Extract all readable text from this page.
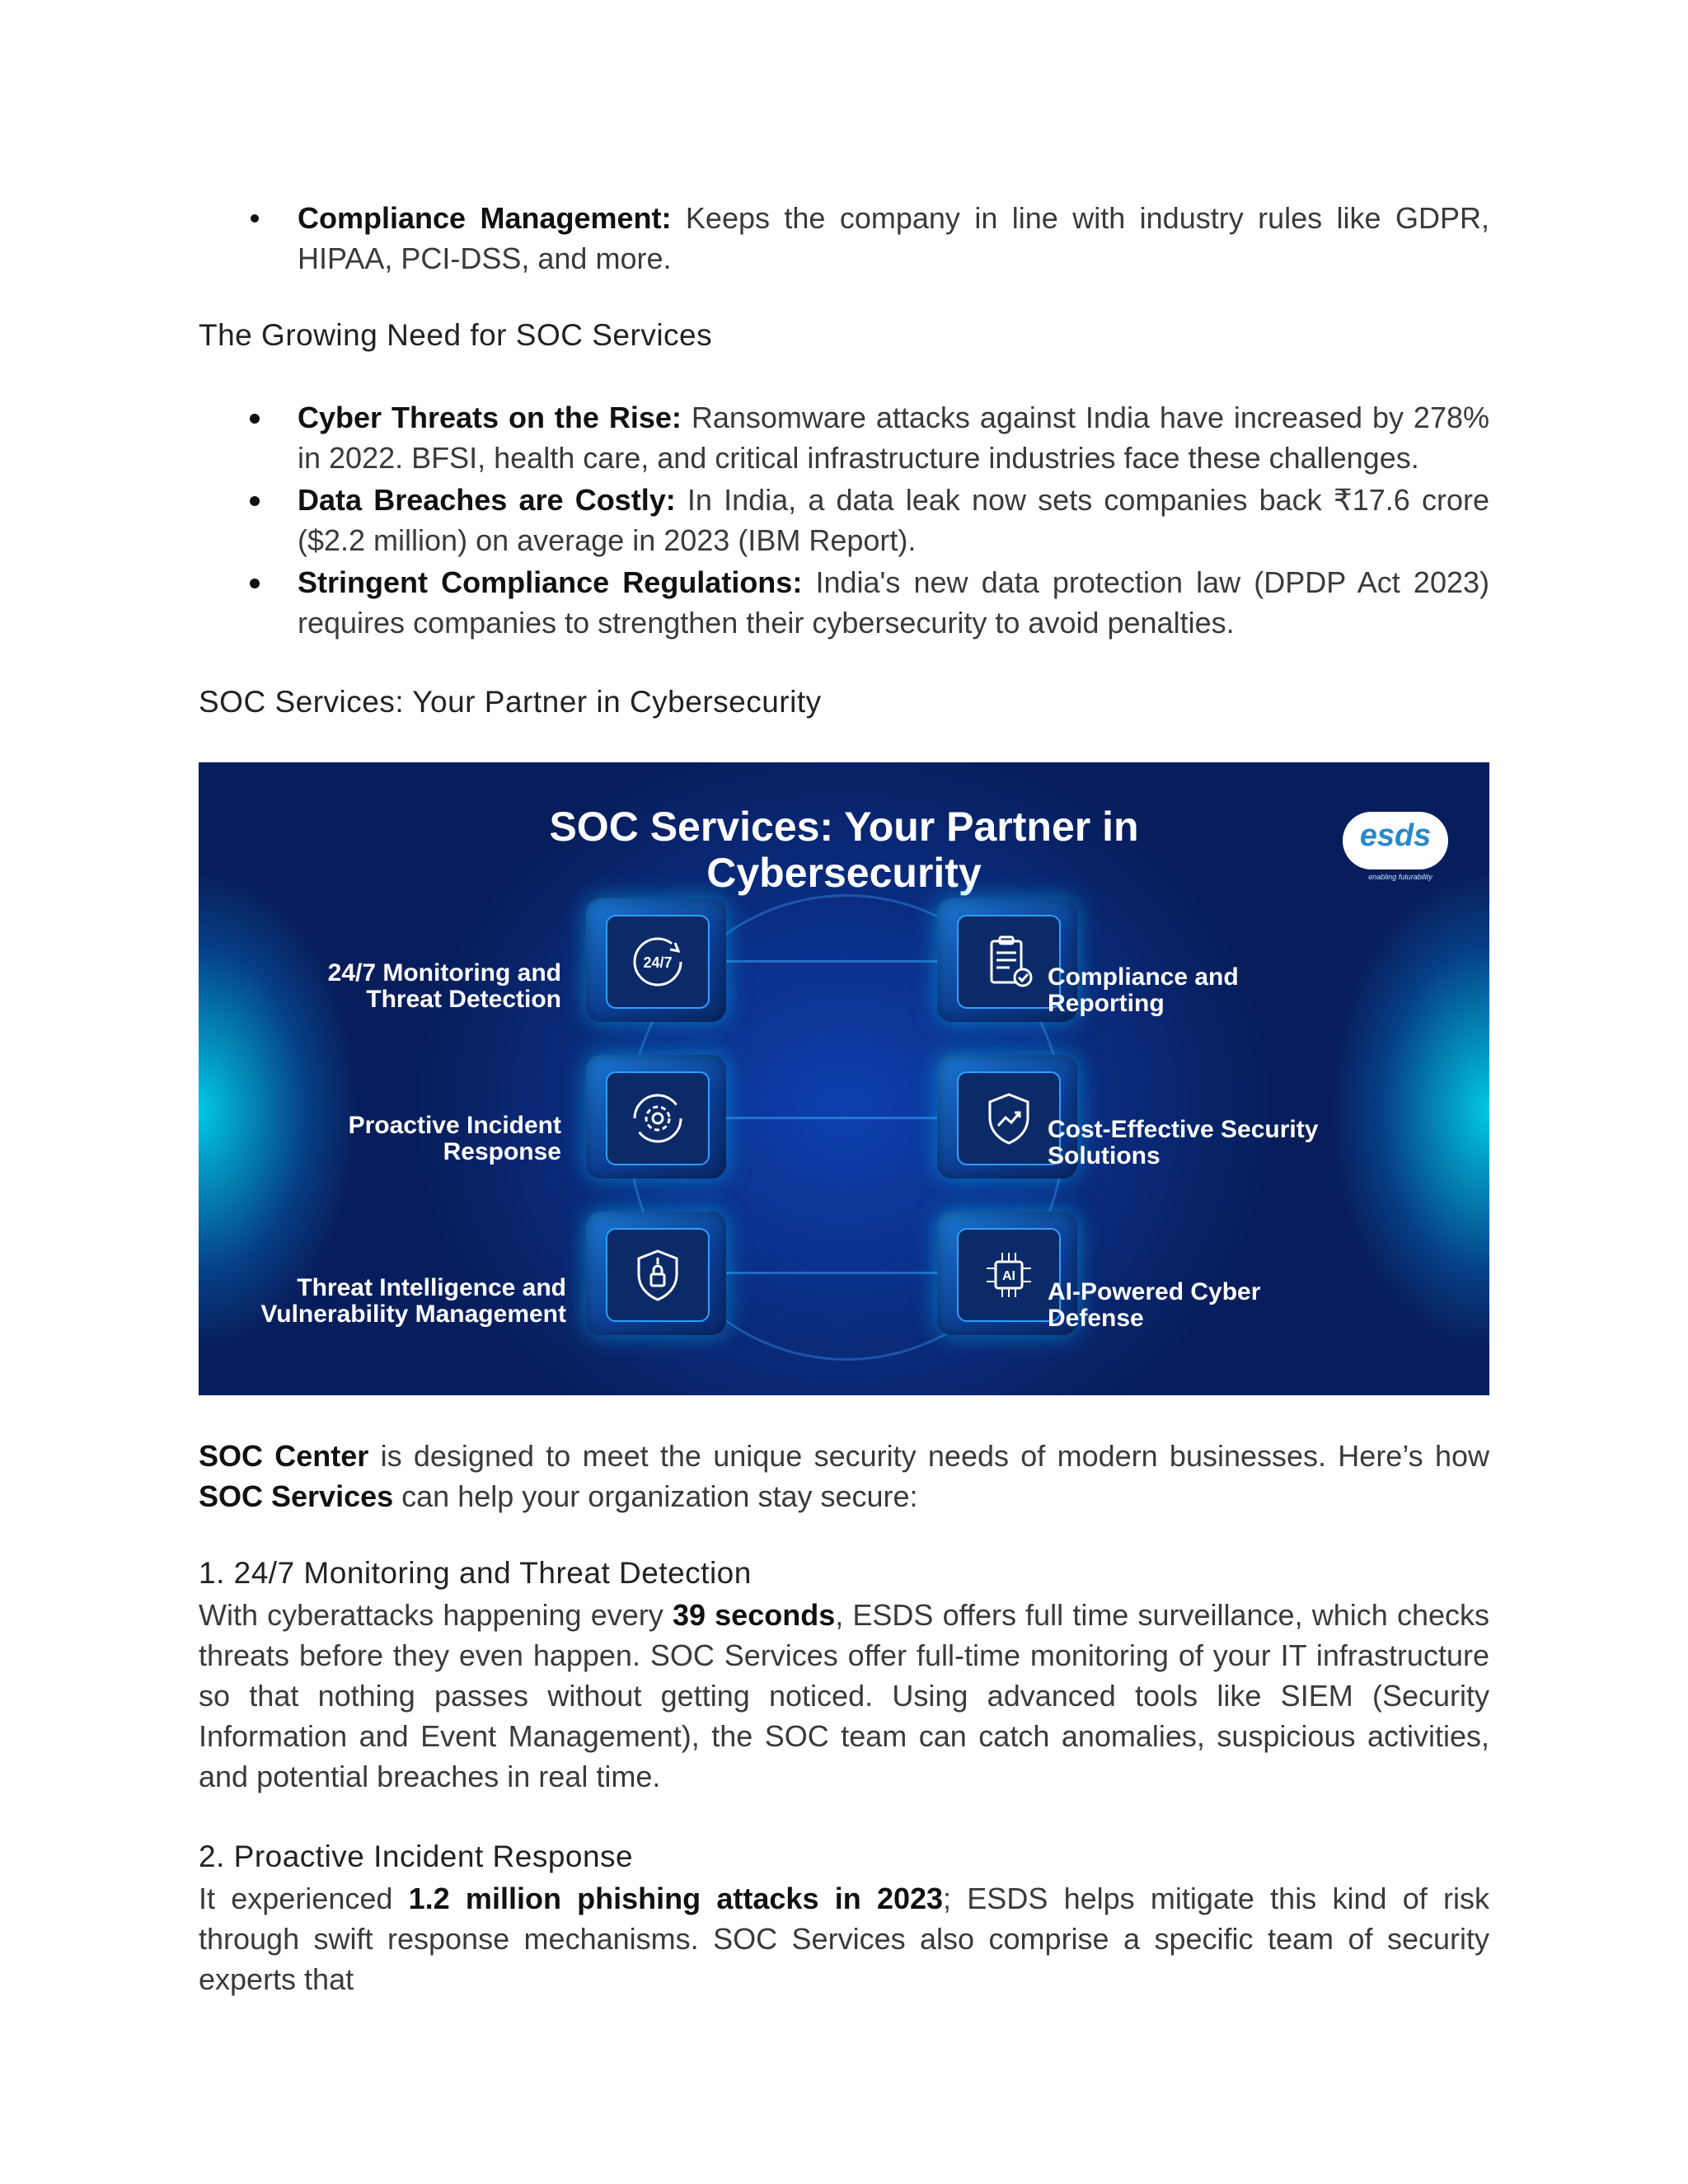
Compliance Management: Keeps the company in line with industry rules like GDPR, HIPAA, PCI-DSS, and more.
The Growing Need for SOC Services
Cyber Threats on the Rise: Ransomware attacks against India have increased by 278% in 2022. BFSI, health care, and critical infrastructure industries face these challenges.
Data Breaches are Costly: In India, a data leak now sets companies back ₹17.6 crore ($2.2 million) on average in 2023 (IBM Report).
Stringent Compliance Regulations: India's new data protection law (DPDP Act 2023) requires companies to strengthen their cybersecurity to avoid penalties.
SOC Services: Your Partner in Cybersecurity
SOC Services: Your Partner in
Cybersecurity
esds
enabling futurability
24/7
AI
24/7 Monitoring and
Threat Detection
Proactive Incident
Response
Threat Intelligence and
Vulnerability Management
Compliance and
Reporting
Cost-Effective Security
Solutions
AI-Powered Cyber
Defense

SOC Center is designed to meet the unique security needs of modern businesses. Here’s how SOC Services can help your organization stay secure:

1. 24/7 Monitoring and Threat Detection

With cyberattacks happening every 39 seconds, ESDS offers full time surveillance, which checks threats before they even happen. SOC Services offer full-time monitoring of your IT infrastructure so that nothing passes without getting noticed. Using advanced tools like SIEM (Security Information and Event Management), the SOC team can catch anomalies, suspicious activities, and potential breaches in real time.

2. Proactive Incident Response

It experienced 1.2 million phishing attacks in 2023; ESDS helps mitigate this kind of risk through swift response mechanisms. SOC Services also comprise a specific team of security experts that
